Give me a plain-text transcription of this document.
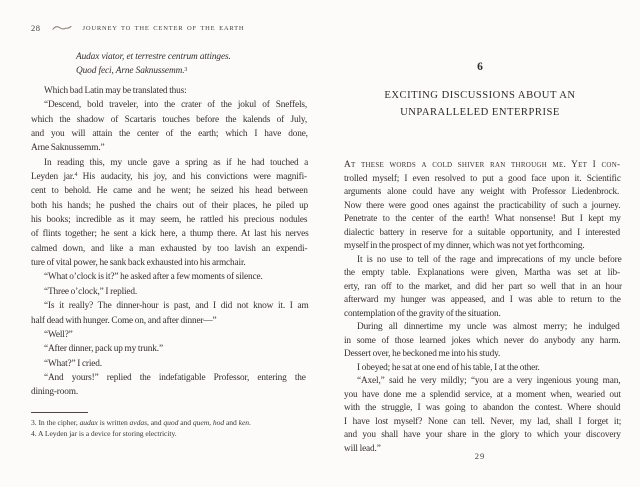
28	JOURNEY TO THE CENTER OF THE EARTH
Audax viator, et terrestre centrum attinges.
Quod feci, Arne Saknussemm.$^3$
Which bad Latin may be translated thus:
“Descend, bold traveler, into the crater of the jokul of Sneffels,
which the shadow of Scartaris touches before the kalends of July,
and you will attain the center of the earth; which I have done,
Arne Saknussemm.”
In reading this, my uncle gave a spring as if he had touched a
Leyden jar.$^4$ His audacity, his joy, and his convictions were magnifi-
cent to behold. He came and he went; he seized his head between
both his hands; he pushed the chairs out of their places, he piled up
his books; incredible as it may seem, he rattled his precious nodules
of flints together; he sent a kick here, a thump there. At last his nerves
calmed down, and like a man exhausted by too lavish an expendi-
ture of vital power, he sank back exhausted into his armchair.
“What o’clock is it?” he asked after a few moments of silence.
“Three o’clock,” I replied.
“Is it really? The dinner-hour is past, and I did not know it. I am
half dead with hunger. Come on, and after dinner—”
“Well?”
“After dinner, pack up my trunk.”
“What?” I cried.
“And yours!” replied the indefatigable Professor, entering the
dining-room.
3. In the cipher, audax is written avdas, and quod and quem, hod and ken.
4. A Leyden jar is a device for storing electricity.
6
EXCITING DISCUSSIONS ABOUT AN
UNPARALLELED ENTERPRISE
At these words a cold shiver ran through me. Yet I con-
trolled myself; I even resolved to put a good face upon it. Scientific
arguments alone could have any weight with Professor Liedenbrock.
Now there were good ones against the practicability of such a journey.
Penetrate to the center of the earth! What nonsense! But I kept my
dialectic battery in reserve for a suitable opportunity, and I interested
myself in the prospect of my dinner, which was not yet forthcoming.
It is no use to tell of the rage and imprecations of my uncle before
the empty table. Explanations were given, Martha was set at lib-
erty, ran off to the market, and did her part so well that in an hour
afterward my hunger was appeased, and I was able to return to the
contemplation of the gravity of the situation.
During all dinnertime my uncle was almost merry; he indulged
in some of those learned jokes which never do anybody any harm.
Dessert over, he beckoned me into his study.
I obeyed; he sat at one end of his table, I at the other.
“Axel,” said he very mildly; “you are a very ingenious young man,
you have done me a splendid service, at a moment when, wearied out
with the struggle, I was going to abandon the contest. Where should
I have lost myself? None can tell. Never, my lad, shall I forget it;
and you shall have your share in the glory to which your discovery
will lead.”
29
